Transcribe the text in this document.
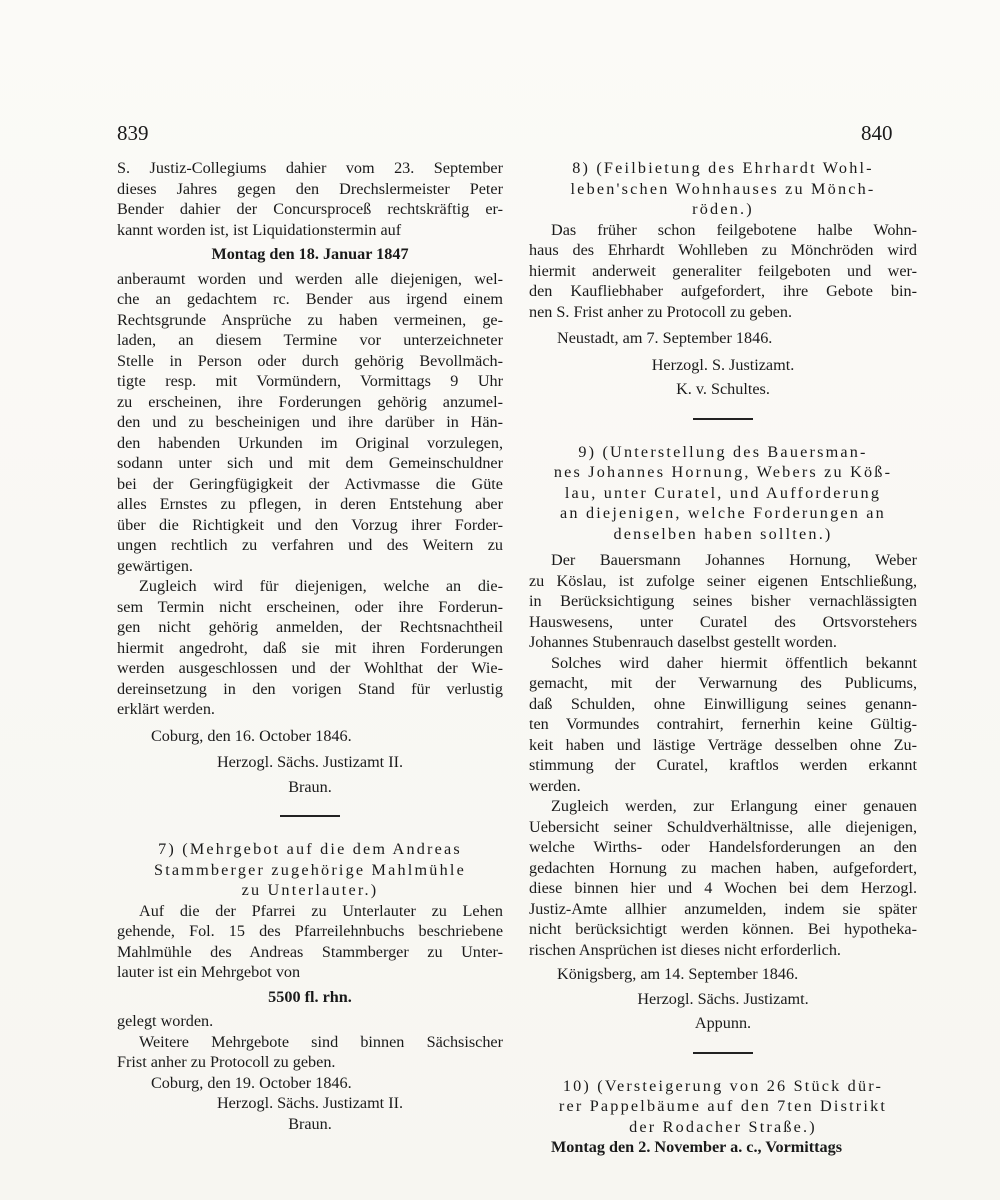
839	840
S. Justiz-Collegiums dahier vom 23. September
dieses Jahres gegen den Drechslermeister Peter
Bender dahier der Concursproceß rechtskräftig er-
kannt worden ist, ist Liquidationstermin auf
Montag den 18. Januar 1847
anberaumt worden und werden alle diejenigen, wel-
che an gedachtem rc. Bender aus irgend einem
Rechtsgrunde Ansprüche zu haben vermeinen, ge-
laden, an diesem Termine vor unterzeichneter
Stelle in Person oder durch gehörig Bevollmäch-
tigte resp. mit Vormündern, Vormittags 9 Uhr
zu erscheinen, ihre Forderungen gehörig anzumel-
den und zu bescheinigen und ihre darüber in Hän-
den habenden Urkunden im Original vorzulegen,
sodann unter sich und mit dem Gemeinschuldner
bei der Geringfügigkeit der Activmasse die Güte
alles Ernstes zu pflegen, in deren Entstehung aber
über die Richtigkeit und den Vorzug ihrer Forder-
ungen rechtlich zu verfahren und des Weitern zu
gewärtigen.
Zugleich wird für diejenigen, welche an die-
sem Termin nicht erscheinen, oder ihre Forderun-
gen nicht gehörig anmelden, der Rechtsnachtheil
hiermit angedroht, daß sie mit ihren Forderungen
werden ausgeschlossen und der Wohlthat der Wie-
dereinsetzung in den vorigen Stand für verlustig
erklärt werden.
Coburg, den 16. October 1846.
Herzogl. Sächs. Justizamt II.
Braun.
7) (Mehrgebot auf die dem Andreas
Stammberger zugehörige Mahlmühle
zu Unterlauter.)
Auf die der Pfarrei zu Unterlauter zu Lehen
gehende, Fol. 15 des Pfarreilehnbuchs beschriebene
Mahlmühle des Andreas Stammberger zu Unter-
lauter ist ein Mehrgebot von
5500 fl. rhn.
gelegt worden.
Weitere Mehrgebote sind binnen Sächsischer
Frist anher zu Protocoll zu geben.
Coburg, den 19. October 1846.
Herzogl. Sächs. Justizamt II.
Braun.
8) (Feilbietung des Ehrhardt Wohl-
leben'schen Wohnhauses zu Mönch-
röden.)
Das früher schon feilgebotene halbe Wohn-
haus des Ehrhardt Wohlleben zu Mönchröden wird
hiermit anderweit generaliter feilgeboten und wer-
den Kaufliebhaber aufgefordert, ihre Gebote bin-
nen S. Frist anher zu Protocoll zu geben.
Neustadt, am 7. September 1846.
Herzogl. S. Justizamt.
K. v. Schultes.
9) (Unterstellung des Bauersman-
nes Johannes Hornung, Webers zu Köß-
lau, unter Curatel, und Aufforderung
an diejenigen, welche Forderungen an
denselben haben sollten.)
Der Bauersmann Johannes Hornung, Weber
zu Köslau, ist zufolge seiner eigenen Entschließung,
in Berücksichtigung seines bisher vernachlässigten
Hauswesens, unter Curatel des Ortsvorstehers
Johannes Stubenrauch daselbst gestellt worden.
Solches wird daher hiermit öffentlich bekannt
gemacht, mit der Verwarnung des Publicums,
daß Schulden, ohne Einwilligung seines genann-
ten Vormundes contrahirt, fernerhin keine Gültig-
keit haben und lästige Verträge desselben ohne Zu-
stimmung der Curatel, kraftlos werden erkannt
werden.
Zugleich werden, zur Erlangung einer genauen
Uebersicht seiner Schuldverhältnisse, alle diejenigen,
welche Wirths- oder Handelsforderungen an den
gedachten Hornung zu machen haben, aufgefordert,
diese binnen hier und 4 Wochen bei dem Herzogl.
Justiz-Amte allhier anzumelden, indem sie später
nicht berücksichtigt werden können. Bei hypotheka-
rischen Ansprüchen ist dieses nicht erforderlich.
Königsberg, am 14. September 1846.
Herzogl. Sächs. Justizamt.
Appunn.
10) (Versteigerung von 26 Stück dür-
rer Pappelbäume auf den 7ten Distrikt
der Rodacher Straße.)
Montag den 2. November a. c., Vormittags
